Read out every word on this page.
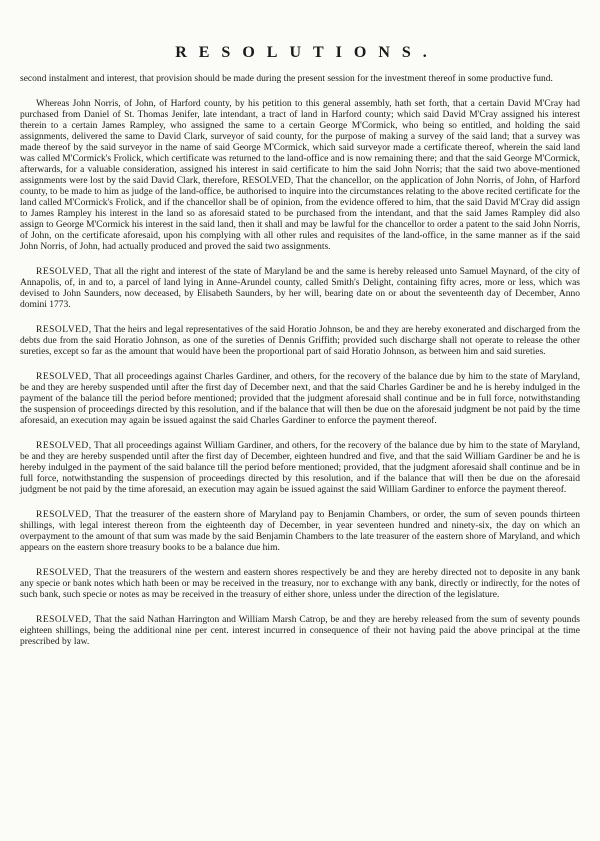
RESOLUTIONS.

second instalment and interest, that provision should be made during the present session for the investment thereof in some productive fund.

Whereas John Norris, of John, of Harford county, by his petition to this general assembly, hath set forth, that a certain David M'Cray had purchased from Daniel of St. Thomas Jenifer, late intendant, a tract of land in Harford county; which said David M'Cray assigned his interest therein to a certain James Rampley, who assigned the same to a certain George M'Cormick, who being so entitled, and holding the said assignments, delivered the same to David Clark, surveyor of said county, for the purpose of making a survey of the said land; that a survey was made thereof by the said surveyor in the name of said George M'Cormick, which said surveyor made a certificate thereof, wherein the said land was called M'Cormick's Frolick, which certificate was returned to the land-office and is now remaining there; and that the said George M'Cormick, afterwards, for a valuable consideration, assigned his interest in said certificate to him the said John Norris; that the said two above-mentioned assignments were lost by the said David Clark, therefore, RESOLVED, That the chancellor, on the application of John Norris, of John, of Harford county, to be made to him as judge of the land-office, be authorised to inquire into the circumstances relating to the above recited certificate for the land called M'Cormick's Frolick, and if the chancellor shall be of opinion, from the evidence offered to him, that the said David M'Cray did assign to James Rampley his interest in the land so as aforesaid stated to be purchased from the intendant, and that the said James Rampley did also assign to George M'Cormick his interest in the said land, then it shall and may be lawful for the chancellor to order a patent to the said John Norris, of John, on the certificate aforesaid, upon his complying with all other rules and requisites of the land-office, in the same manner as if the said John Norris, of John, had actually produced and proved the said two assignments.

RESOLVED, That all the right and interest of the state of Maryland be and the same is hereby released unto Samuel Maynard, of the city of Annapolis, of, in and to, a parcel of land lying in Anne-Arundel county, called Smith's Delight, containing fifty acres, more or less, which was devised to John Saunders, now deceased, by Elisabeth Saunders, by her will, bearing date on or about the seventeenth day of December, Anno domini 1773.

RESOLVED, That the heirs and legal representatives of the said Horatio Johnson, be and they are hereby exonerated and discharged from the debts due from the said Horatio Johnson, as one of the sureties of Dennis Griffith; provided such discharge shall not operate to release the other sureties, except so far as the amount that would have been the proportional part of said Horatio Johnson, as between him and said sureties.

RESOLVED, That all proceedings against Charles Gardiner, and others, for the recovery of the balance due by him to the state of Maryland, be and they are hereby suspended until after the first day of December next, and that the said Charles Gardiner be and he is hereby indulged in the payment of the balance till the period before mentioned; provided that the judgment aforesaid shall continue and be in full force, notwithstanding the suspension of proceedings directed by this resolution, and if the balance that will then be due on the aforesaid judgment be not paid by the time aforesaid, an execution may again be issued against the said Charles Gardiner to enforce the payment thereof.

RESOLVED, That all proceedings against William Gardiner, and others, for the recovery of the balance due by him to the state of Maryland, be and they are hereby suspended until after the first day of December, eighteen hundred and five, and that the said William Gardiner be and he is hereby indulged in the payment of the said balance till the period before mentioned; provided, that the judgment aforesaid shall continue and be in full force, notwithstanding the suspension of proceedings directed by this resolution, and if the balance that will then be due on the aforesaid judgment be not paid by the time aforesaid, an execution may again be issued against the said William Gardiner to enforce the payment thereof.

RESOLVED, That the treasurer of the eastern shore of Maryland pay to Benjamin Chambers, or order, the sum of seven pounds thirteen shillings, with legal interest thereon from the eighteenth day of December, in year seventeen hundred and ninety-six, the day on which an overpayment to the amount of that sum was made by the said Benjamin Chambers to the late treasurer of the eastern shore of Maryland, and which appears on the eastern shore treasury books to be a balance due him.

RESOLVED, That the treasurers of the western and eastern shores respectively be and they are hereby directed not to deposite in any bank any specie or bank notes which hath been or may be received in the treasury, nor to exchange with any bank, directly or indirectly, for the notes of such bank, such specie or notes as may be received in the treasury of either shore, unless under the direction of the legislature.

RESOLVED, That the said Nathan Harrington and William Marsh Catrop, be and they are hereby released from the sum of seventy pounds eighteen shillings, being the additional nine per cent. interest incurred in consequence of their not having paid the above principal at the time prescribed by law.
